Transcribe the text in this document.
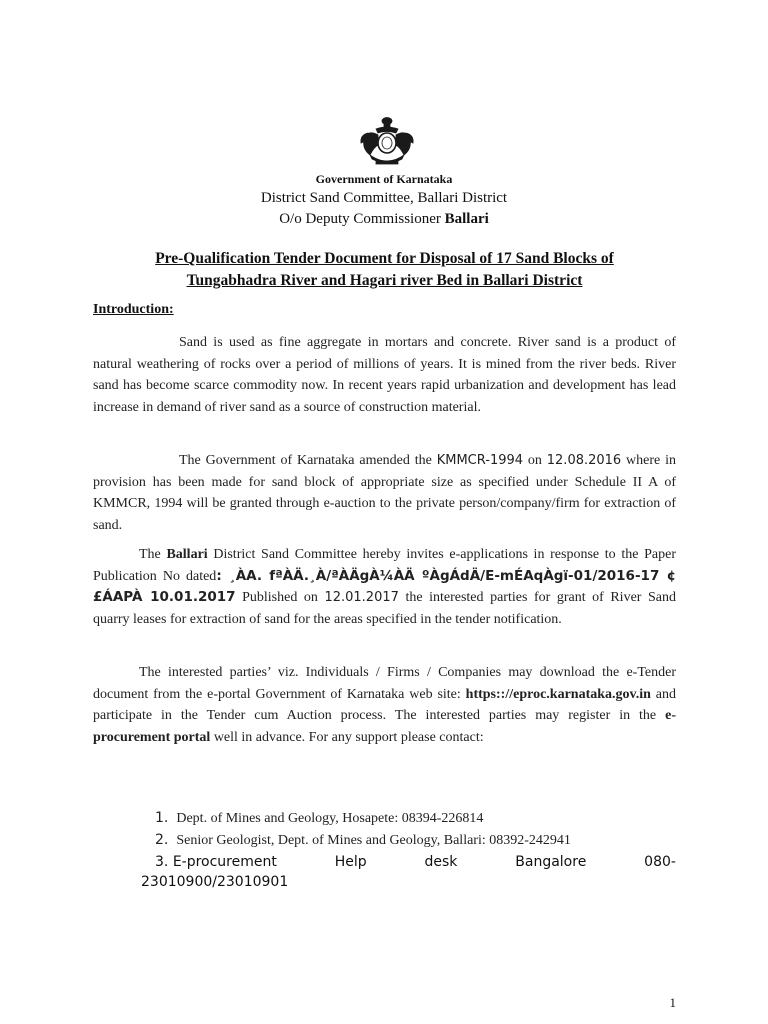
Government of Karnataka
District Sand Committee, Ballari District
O/o Deputy Commissioner Ballari
Pre-Qualification Tender Document for Disposal of 17 Sand Blocks of
Tungabhadra River and Hagari river Bed in Ballari District
Introduction:
Sand is used as fine aggregate in mortars and concrete. River sand is a product of natural weathering of rocks over a period of millions of years. It is mined from the river beds. River sand has become scarce commodity now. In recent years rapid urbanization and development has lead increase in demand of river sand as a source of construction material.
The Government of Karnataka amended the KMMCR-1994 on 12.08.2016 where in provision has been made for sand block of appropriate size as specified under Schedule II A of KMMCR, 1994 will be granted through e-auction to the private person/company/firm for extraction of sand.
The Ballari District Sand Committee hereby invites e-applications in response to the Paper Publication No dated: ¸ÀA. fªÀÄ.¸À/ªÀÄgÀ¼ÀÄ ºÀgÁdÄ/E-mÉAqÀgï-01/2016-17 ¢£ÁAPÀ 10.01.2017 Published on 12.01.2017 the interested parties for grant of River Sand quarry leases for extraction of sand for the areas specified in the tender notification.
The interested parties’ viz. Individuals / Firms / Companies may download the e-Tender document from the e-portal Government of Karnataka web site: https:://eproc.karnataka.gov.in and participate in the Tender cum Auction process. The interested parties may register in the e-procurement portal well in advance. For any support please contact:
1. Dept. of Mines and Geology, Hosapete: 08394-226814
2. Senior Geologist, Dept. of Mines and Geology, Ballari: 08392-242941
3. E-procurement	Help	desk	Bangalore	080-
23010900/23010901
1
